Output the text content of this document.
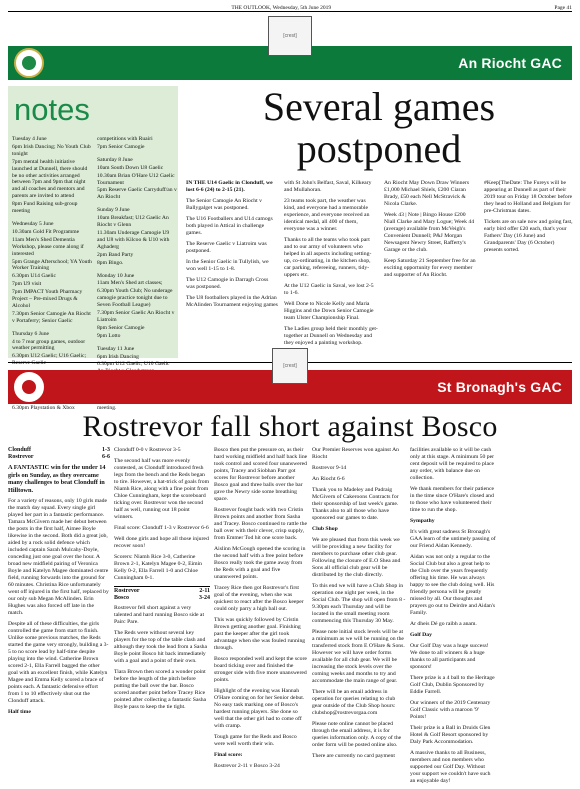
THE OUTLOOK, Wednesday, 5th June 2019	Page 41
[crest]
An Riocht GAC
notes

Tuesday 4 June

6pm Irish Dancing; No Youth Club tonight

7pm mental health initiative launched at Dunnell, there should be no other activities arranged between 7pm and 9pm that night and all coaches and mentors and parents are invited to attend

8pm Fund Raising sub-group meeting

Wednesday 5 June

10.30am Gold Fit Programme

11am Men's Shed Dementia Workshop, please come along if interested

5pm Grange Afterschool; YA Youth Worker Training

6.30pm U14 Gaelic

7pm U9 visit

7pm IMPACT Youth Pharmacy Project – Pre-mixed Drugs & Alcohol

7.30pm Senior Camogie An Riocht v Portaferry; Senior Gaelic

Thursday 6 June

4 to 7 rear group games, outdoor weather permitting

6.30pm U12 Gaelic; U16 Gaelic; Reserve Gaelic

6.30pm Playstation & Xbox

competitions with Ruairi

7pm Senior Camogie

Saturday 8 June

10am South Down U8 Gaelic

10.30am Brian O'Hare U12 Gaelic Tournament

5pm Reserve Gaelic Carryduff/an v An Riocht

Sunday 9 June

10am Breakfast; U12 Gaelic An Riocht v Glenn

11.30am Underage Camogie U9 and U8 with Kilcoo & U10 with Aghaderg

2pm Band Party

8pm Bingo.

Monday 10 June

11am Men's Shed art classes;

6.30pm Youth Club; No underage camogie practice tonight due to Seven Football League)

7.30pm Senior Gaelic An Riocht v Liatroim

8pm Senior Camogie

9pm Lotto

Tuesday 11 June

6pm Irish Dancing

6.30pm U12 Gaelic; U10 Gaelic

meeting.

Several games postponed

IN THE U14 Gaelic in Clonduff, we lost 6-6 (24) to 2-15 (21).

The Senior Camogie An Riocht v Ballygalget was postponed.

The U16 Footballers and U14 camogs both played in Attical in challenge games.

The Reserve Gaelic v Liatroim was postponed.

In the Senior Gaelic in Tullylish, we won well 1-15 to 1-8.

The U12 Camogie in Darragh Cross was postponed.

The U8 footballers played in the Adrian McAlinden Tournament enjoying games

with St John's Belfast, Saval, Kilkeary and Mullahoran.

23 teams took part, the weather was kind, and everyone had a memorable experience, and everyone received an identical medal, all 400 of them, everyone was a winner.

Thanks to all the teams who took part and to our army of volunteers who helped in all aspects including setting-up, co-ordinating, in the kitchen shop, car parking, refereeing, runners, tidy-uppers etc.

At the U12 Gaelic in Saval, we lost 2-5 to 1-6.

Well Done to Nicole Kelly and Maria Higgins and the Down Senior Camogie team Ulster Championship Final.

The Ladies group held their monthly get-together at Dunnell on Wednesday and they enjoyed a painting workshop.

An Riocht May Down Draw Winners £1,000 Michael Shiels, £200 Ciaran Brady, £50 each Nell McStravick & Nicola Clarke.

Week 43 | Note | Bingo House £200 Niall Clarke and Mary Logue; Week 44 (average) available from McVeigh's Convenient Dunnell; P&J Morgan Newsagent Newry Street, Rafferty's Garage or the club.

Keep Saturday 21 September free for an exciting opportunity for every member and supporter of An Riocht.

#Keep[TheDate: The Fureys will be appearing at Dunnell as part of their 2019 tour on Friday 18 October before they head to Holland and Belgium for pre-Christmas dates.

Tickets are on sale now and going fast, early bird offer £20 each, that's your Fathers' Day (16 June) and Grandparents' Day (6 October) presents sorted.

[crest]
St Bronagh's GAC
Rostrevor fall short against Bosco
Clonduff	1-3
Rostrevor	6-6

A FANTASTIC win for the under 14 girls on Sunday, as they overcame many challenges to beat Clonduff in Hilltown.

For a variety of reasons, only 10 girls made the match day squad. Every single girl played her part in a fantastic performance. Tamara McGivern made her debut between the posts in the first half, Aimee Boyle likewise in the second. Both did a great job, aided by a rock solid defence which included captain Sarah Mulcahy-Doyle, conceding just one goal over the hour. A broad new midfield pairing of Veronica Boyle and Katelyn Magee dominated centre field, running forwards into the ground for 60 minutes. Christina Rice unfortunately went off injured in the first half, replaced by our only sub Megan McAlinden. Erin Hughes was also forced off late in the match.

Despite all of these difficulties, the girls controlled the game from start to finish. Unlike some previous matches, the Reds started the game very strongly, building a 3-5 to no score lead by half-time despite playing into the wind. Catherine Brown scored 2-1, Ella Farrell bagged the other goal with an excellent finish, while Katelyn Magee and Emma Kelly scored a brace of points each. A fantastic defensive effort from 1 to 10 effectively shut out the Clonduff attack.

Half time

Clonduff 0-0 v Rostrevor 3-5

The second half was more evenly contested, as Clonduff introduced fresh legs from the bench and the Reds began to tire. However, a hat-trick of goals from Niamh Rice, along with a fine point from Chloe Cunningham, kept the scoreboard ticking over. Rostrevor won the second half as well, running out 18 point winners.

Final score: Clonduff 1-3 v Rostrevor 6-6

Well done girls and hope all those injured recover soon!

Scorers: Niamh Rice 3-0, Catherine Brown 2-1, Katelyn Magee 0-2, Eimin Kelly 0-2, Ella Farrell 1-0 and Chloe Cunningham 0-1.

Rostrevor	2-11
Bosco	3-24

Rostrevor fell short against a very talented and hard running Bosco side at Pairc Pare.

The Reds were without several key players for the top of the table clash and although they took the lead from a Sasha Boyle point Bosco hit back immediately with a goal and a point of their own.

Tiara Brown then scored a wonder point before the length of the pitch before putting the ball over the bar. Bosco scored another point before Tracey Rice pointed after collecting a fantastic Sasha Boyle pass to keep the tie tight.

Bosco then put the pressure on, as their hard working midfield and half back line took control and scored four unanswered points, Tracey and Siobhan Parr got scores for Rostrevor before another Bosco goal and three balls over the bar gave the Newry side some breathing space.

Rostrevor fought back with two Cristin Brown points and another from Sasha and Tracey. Bosco continued to rattle the ball over with their clever, crisp supply, from Emmer Tod hit one score back.

Aislinn McGough opened the scoring in the second half with a free point before Bosco really took the game away from the Reds with a goal and five unanswered points.

Tracey Rice then got Rostrevor's first goal of the evening, when she was quickest to react after the Bosco keeper could only parry a high ball out.

This was quickly followed by Cristin Brown getting another goal. Finishing past the keeper after the girl took advantage when she was fouled running through.

Bosco responded well and kept the score board ticking over and finished the stronger side with five more unanswered points.

Highlight of the evening was Hannah O'Hare coming on for her Senior debut. No easy task marking one of Bosco's hardest running players. She done so well that the other girl had to come off with cramp.

Tough game for the Reds and Bosco were well worth their win.

Final score:

Rostrevor 2-11 v Bosco 3-24

Our Premier Reserves won against An Riocht

Rostrevor 9-14

An Riocht 6-6

Thank you to Madeley and Padraig McGivern of Cakeroons Contracts for their sponsorship of last week's game. Thanks also to all those who have sponsored our games to date.

Club Shop

We are pleased that from this week we will be providing a new facility for members to purchase other club gear. Following the closure of E.O Shea and Sons all official club gear will be distributed by the club directly.

To this end we will have a Club Shop in operation one night per week, in the Social Club. The shop will open from 8 - 9.30pm each Thursday and will be located in the small meeting room commencing this Thursday 30 May.

Please note initial stock levels will be at a minimum as we will be running on the transferred stock from E O'Hare & Sons. However we will have order forms available for all club gear. We will be increasing the stock levels over the coming weeks and months to try and accommodate the main range of gear.

There will be an email address in operation for queries relating to club gear outside of the Club Shop hours: clubshop@rostrevorgaa.com

Please note online cannot be placed through the email address, it is for queries information only. A copy of the order form will be posted online also.

There are currently no card payment

facilities available so it will be cash only at this stage. A minimum 50 per cent deposit will be required to place any order, with balance due on collection.

We thank members for their patience in the time since O'Hare's closed and to those who have volunteered their time to run the shop.

Sympathy

It's with great sadness St Bronagh's GAA learn of the untimely passing of our Friend Aidan Kennedy.

Aidan was not only a regular to the Social Club but also a great help to the Club over the years frequently offering his time. He was always happy to see the club doing well. His friendly persona will be greatly missed by all. Our thoughts and prayers go out to Deirdre and Aidan's Family.

Ar dheis Dé go raibh a anam.

Golf Day

Our Golf Day was a huge success! We done to all winners & a huge thanks to all participants and sponsors!

There prize is a 4 ball to the Heritage Golf Club, Dublin Sponsored by Eddie Farrell.

Our winners of the 2019 Centenary Golf Classic with a maroon '9' Points!

Their prize is a Ball in Druids Glen Hotel & Golf Resort sponsored by Daly Park Accommodation.

A massive thanks to all Business, members and non members who supported our Golf Day. Without your support we couldn't have such an enjoyable day!
